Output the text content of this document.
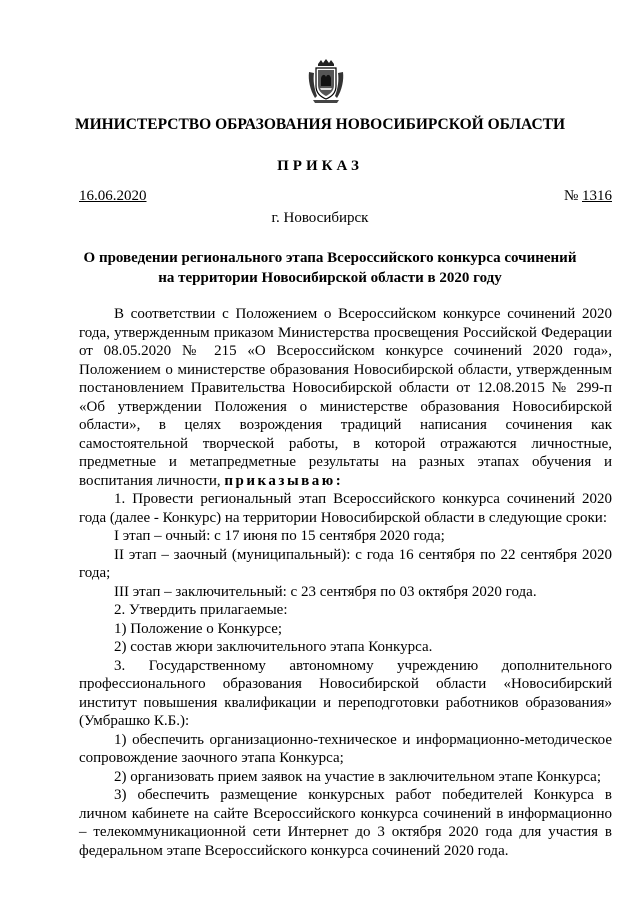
МИНИСТЕРСТВО ОБРАЗОВАНИЯ НОВОСИБИРСКОЙ ОБЛАСТИ
ПРИКАЗ
16.06.2020	№ 1316
г. Новосибирск
О проведении регионального этапа Всероссийского конкурса сочинений
на территории Новосибирской области в 2020 году

В соответствии с Положением о Всероссийском конкурсе сочинений 2020 года, утвержденным приказом Министерства просвещения Российской Федерации от 08.05.2020 № 215 «О Всероссийском конкурсе сочинений 2020 года», Положением о министерстве образования Новосибирской области, утвержденным постановлением Правительства Новосибирской области от 12.08.2015 № 299-п «Об утверждении Положения о министерстве образования Новосибирской области», в целях возрождения традиций написания сочинения как самостоятельной творческой работы, в которой отражаются личностные, предметные и метапредметные результаты на разных этапах обучения и воспитания личности, приказываю:

1. Провести региональный этап Всероссийского конкурса сочинений 2020 года (далее - Конкурс) на территории Новосибирской области в следующие сроки:

I этап – очный: с 17 июня по 15 сентября 2020 года;

II этап – заочный (муниципальный): с года 16 сентября по 22 сентября 2020 года;

III этап – заключительный: с 23 сентября по 03 октября 2020 года.

2. Утвердить прилагаемые:

1) Положение о Конкурсе;

2) состав жюри заключительного этапа Конкурса.

3. Государственному автономному учреждению дополнительного профессионального образования Новосибирской области «Новосибирский институт повышения квалификации и переподготовки работников образования» (Умбрашко К.Б.):

1) обеспечить организационно-техническое и информационно-методическое сопровождение заочного этапа Конкурса;

2) организовать прием заявок на участие в заключительном этапе Конкурса;

3) обеспечить размещение конкурсных работ победителей Конкурса в личном кабинете на сайте Всероссийского конкурса сочинений в информационно – телекоммуникационной сети Интернет до 3 октября 2020 года для участия в федеральном этапе Всероссийского конкурса сочинений 2020 года.
